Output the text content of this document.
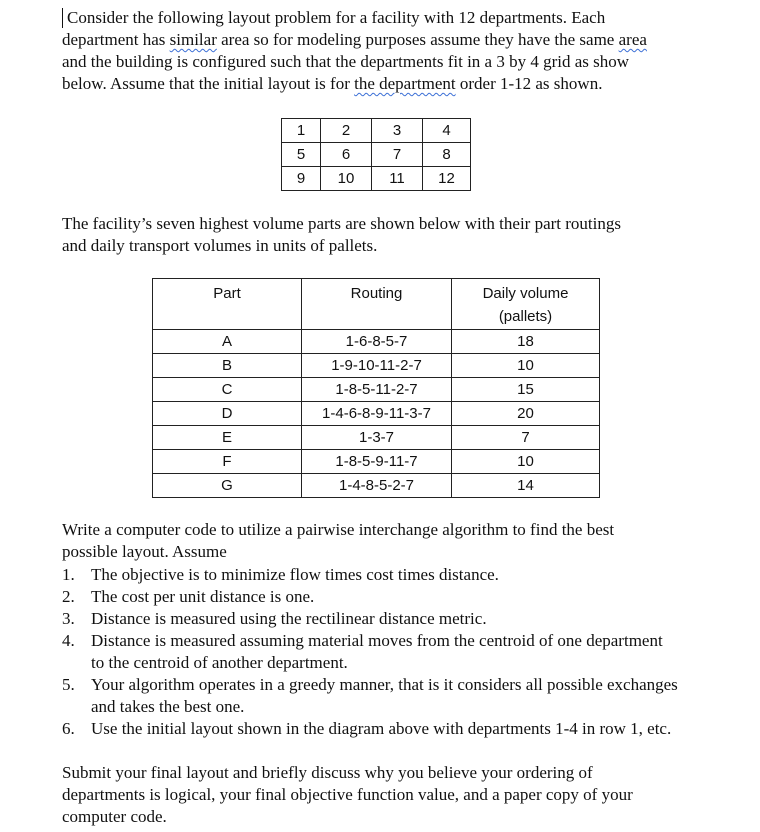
Consider the following layout problem for a facility with 12 departments. Each

department has similar area so for modeling purposes assume they have the same area
and the building is configured such that the departments fit in a 3 by 4 grid as show
below. Assume that the initial layout is for the department order 1-12 as shown.

1	2	3	4
5	6	7	8
9	10	11	12

The facility’s seven highest volume parts are shown below with their part routings
and daily transport volumes in units of pallets.

Part	Routing	Daily volume
(pallets)
A	1-6-8-5-7	18
B	1-9-10-11-2-7	10
C	1-8-5-11-2-7	15
D	1-4-6-8-9-11-3-7	20
E	1-3-7	7
F	1-8-5-9-11-7	10
G	1-4-8-5-2-7	14

Write a computer code to utilize a pairwise interchange algorithm to find the best
possible layout. Assume

1. The objective is to minimize flow times cost times distance.
2. The cost per unit distance is one.
3. Distance is measured using the rectilinear distance metric.
4. Distance is measured assuming material moves from the centroid of one department to the centroid of another department.
5. Your algorithm operates in a greedy manner, that is it considers all possible exchanges and takes the best one.
6. Use the initial layout shown in the diagram above with departments 1-4 in row 1, etc.

Submit your final layout and briefly discuss why you believe your ordering of
departments is logical, your final objective function value, and a paper copy of your
computer code.
